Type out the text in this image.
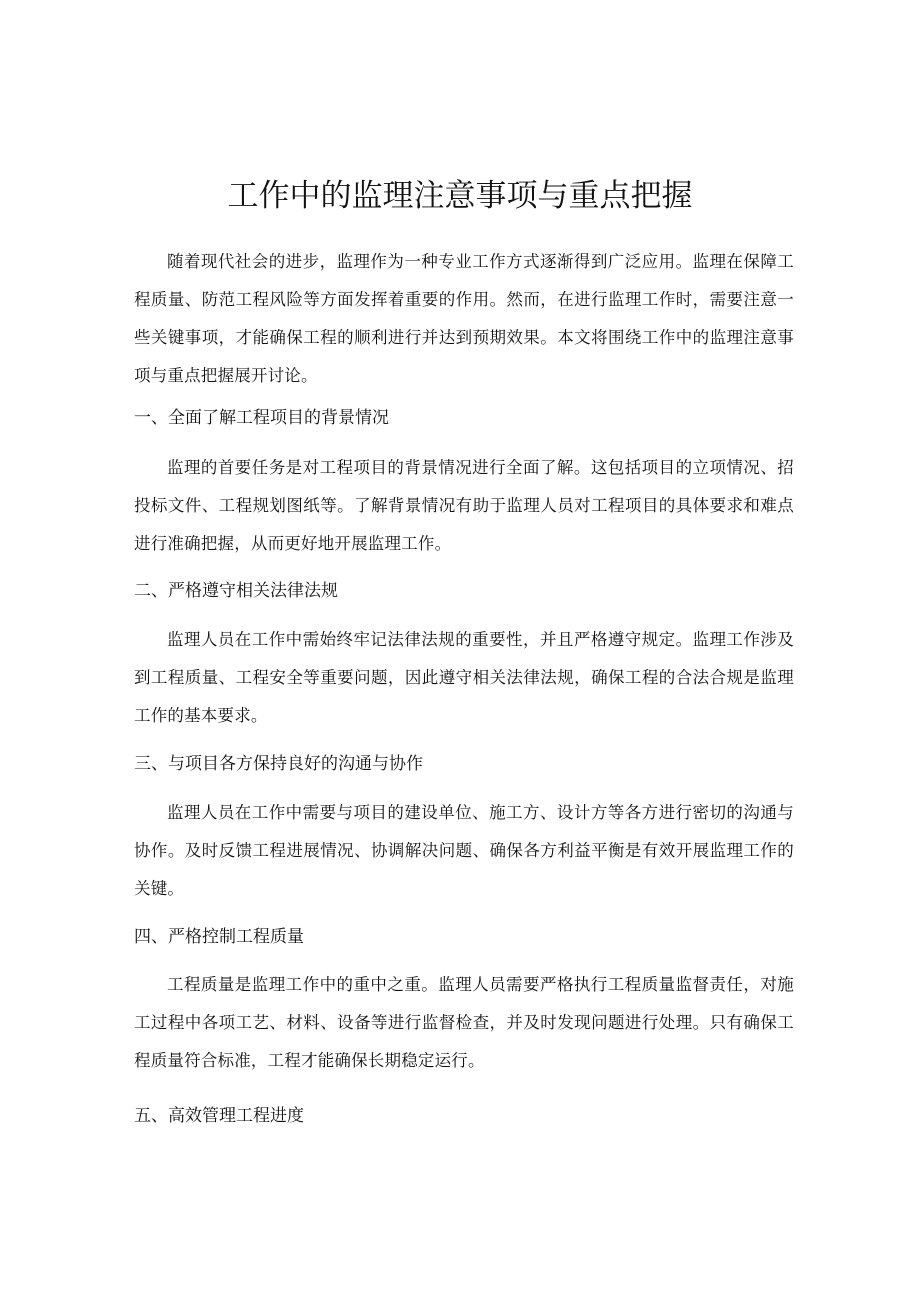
工作中的监理注意事项与重点把握

随着现代社会的进步，监理作为一种专业工作方式逐渐得到广泛应用。监理在保障工程质量、防范工程风险等方面发挥着重要的作用。然而，在进行监理工作时，需要注意一些关键事项，才能确保工程的顺利进行并达到预期效果。本文将围绕工作中的监理注意事项与重点把握展开讨论。

一、全面了解工程项目的背景情况

监理的首要任务是对工程项目的背景情况进行全面了解。这包括项目的立项情况、招投标文件、工程规划图纸等。了解背景情况有助于监理人员对工程项目的具体要求和难点进行准确把握，从而更好地开展监理工作。

二、严格遵守相关法律法规

监理人员在工作中需始终牢记法律法规的重要性，并且严格遵守规定。监理工作涉及到工程质量、工程安全等重要问题，因此遵守相关法律法规，确保工程的合法合规是监理工作的基本要求。

三、与项目各方保持良好的沟通与协作

监理人员在工作中需要与项目的建设单位、施工方、设计方等各方进行密切的沟通与协作。及时反馈工程进展情况、协调解决问题、确保各方利益平衡是有效开展监理工作的关键。

四、严格控制工程质量

工程质量是监理工作中的重中之重。监理人员需要严格执行工程质量监督责任，对施工过程中各项工艺、材料、设备等进行监督检查，并及时发现问题进行处理。只有确保工程质量符合标准，工程才能确保长期稳定运行。

五、高效管理工程进度
